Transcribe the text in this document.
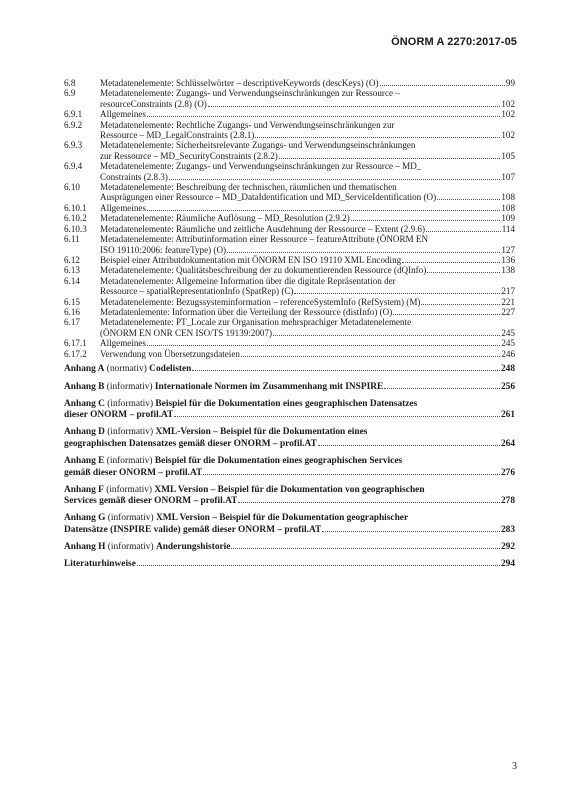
ÖNORM A 2270:2017-05
6.8	Metadatenelemente: Schlüsselwörter – descriptiveKeywords (descKeys) (O)	99
6.9	Metadatenelemente: Zugangs- und Verwendungseinschränkungen zur Ressource –
resourceConstraints (2.8) (O)	102
6.9.1	Allgemeines	102
6.9.2	Metadatenelemente: Rechtliche Zugangs- und Verwendungseinschränkungen zur
Ressource – MD_LegalConstraints (2.8.1)	102
6.9.3	Metadatenelemente: Sicherheitsrelevante Zugangs- und Verwendungseinschränkungen
zur Ressource – MD_SecurityConstraints (2.8.2)	105
6.9.4	Metadatenelemente: Zugangs- und Verwendungseinschränkungen zur Ressource – MD_
Constraints (2.8.3)	107
6.10	Metadatenelemente: Beschreibung der technischen, räumlichen und thematischen
Ausprägungen einer Ressource – MD_DataIdentification und MD_ServiceIdentification (O)	108
6.10.1	Allgemeines	108
6.10.2	Metadatenelemente: Räumliche Auflösung – MD_Resolution (2.9.2)	109
6.10.3	Metadatenelemente: Räumliche und zeitliche Ausdehnung der Ressource – Extent (2.9.6)	114
6.11	Metadatenelemente: Attributinformation einer Ressource – featureAttribute (ÖNORM EN
ISO 19110:2006: featureType) (O)	127
6.12	Beispiel einer Attributdokumentation mit ÖNORM EN ISO 19110 XML Encoding	136
6.13	Metadatenelemente: Qualitätsbeschreibung der zu dokumentierenden Ressource (dQInfo)	138
6.14	Metadatenelemente: Allgemeine Information über die digitale Repräsentation der
Ressource – spatialRepresentationInfo (SpatRep) (C)	217
6.15	Metadatenelemente: Bezugssysteminformation – referenceSystemInfo (RefSystem) (M)	221
6.16	Metadatenlemente: Information über die Verteilung der Ressource (distInfo) (O)	227
6.17	Metadatenelemente: PT_Locale zur Organisation mehrsprachiger Metadatenelemente
(ÖNORM EN ONR CEN ISO/TS 19139:2007)	245
6.17.1	Allgemeines	245
6.17.2	Verwendung von Übersetzungsdateien	246
Anhang A (normativ) Codelisten	248
Anhang B (informativ) Internationale Normen im Zusammenhang mit INSPIRE	256
Anhang C (informativ) Beispiel für die Dokumentation eines geographischen Datensatzes
dieser ÖNORM – profil.AT	261
Anhang D (informativ) XML-Version – Beispiel für die Dokumentation eines
geographischen Datensatzes gemäß dieser ÖNORM – profil.AT	264
Anhang E (informativ) Beispiel für die Dokumentation eines geographischen Services
gemäß dieser ÖNORM – profil.AT	276
Anhang F (informativ) XML Version – Beispiel für die Dokumentation von geographischen
Services gemäß dieser ÖNORM – profil.AT	278
Anhang G (informativ) XML Version – Beispiel für die Dokumentation geographischer
Datensätze (INSPIRE valide) gemäß dieser ÖNORM – profil.AT	283
Anhang H (informativ) Änderungshistorie	292
Literaturhinweise	294
3
